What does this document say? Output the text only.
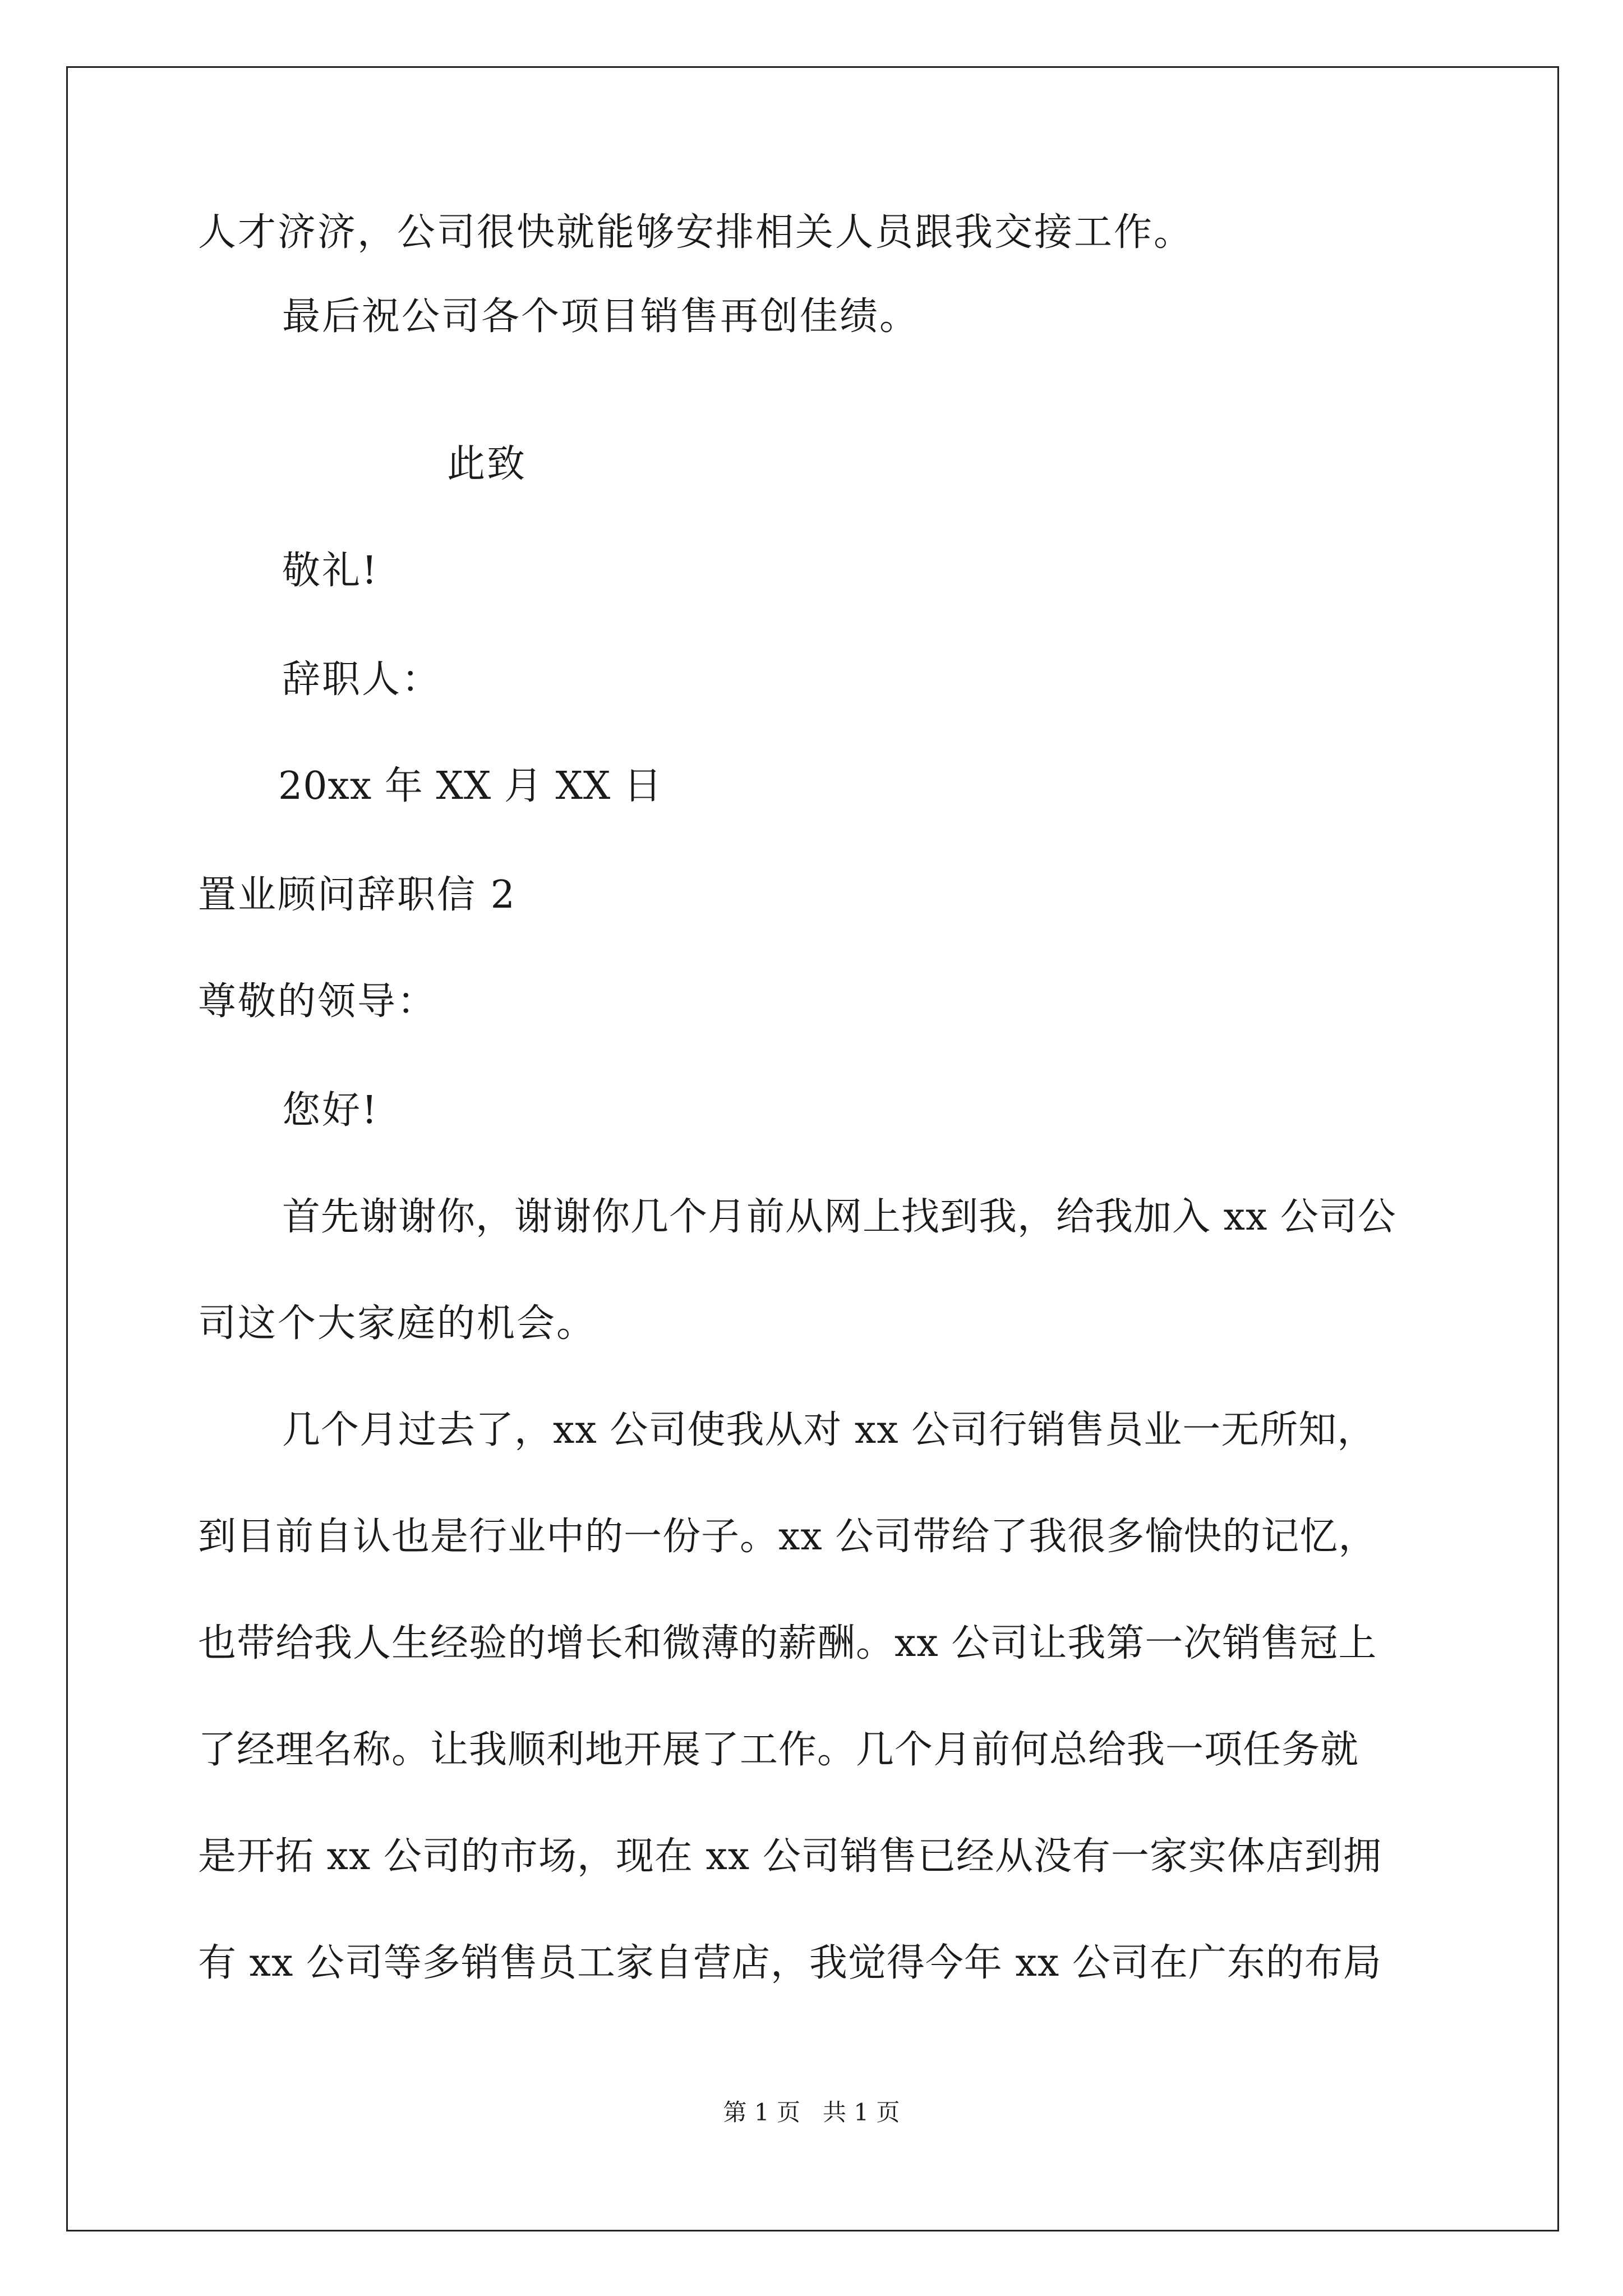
人才济济，公司很快就能够安排相关人员跟我交接工作。
最后祝公司各个项目销售再创佳绩。
此致
敬礼!
辞职人：
20xx 年 XX 月 XX 日
置业顾问辞职信 2
尊敬的领导：
您好!
首先谢谢你，谢谢你几个月前从网上找到我，给我加入 xx 公司公
司这个大家庭的机会。
几个月过去了，xx 公司使我从对 xx 公司行销售员业一无所知，
到目前自认也是行业中的一份子。xx 公司带给了我很多愉快的记忆，
也带给我人生经验的增长和微薄的薪酬。xx 公司让我第一次销售冠上
了经理名称。让我顺利地开展了工作。几个月前何总给我一项任务就
是开拓 xx 公司的市场，现在 xx 公司销售已经从没有一家实体店到拥
有 xx 公司等多销售员工家自营店，我觉得今年 xx 公司在广东的布局
第 1 页   共 1 页
